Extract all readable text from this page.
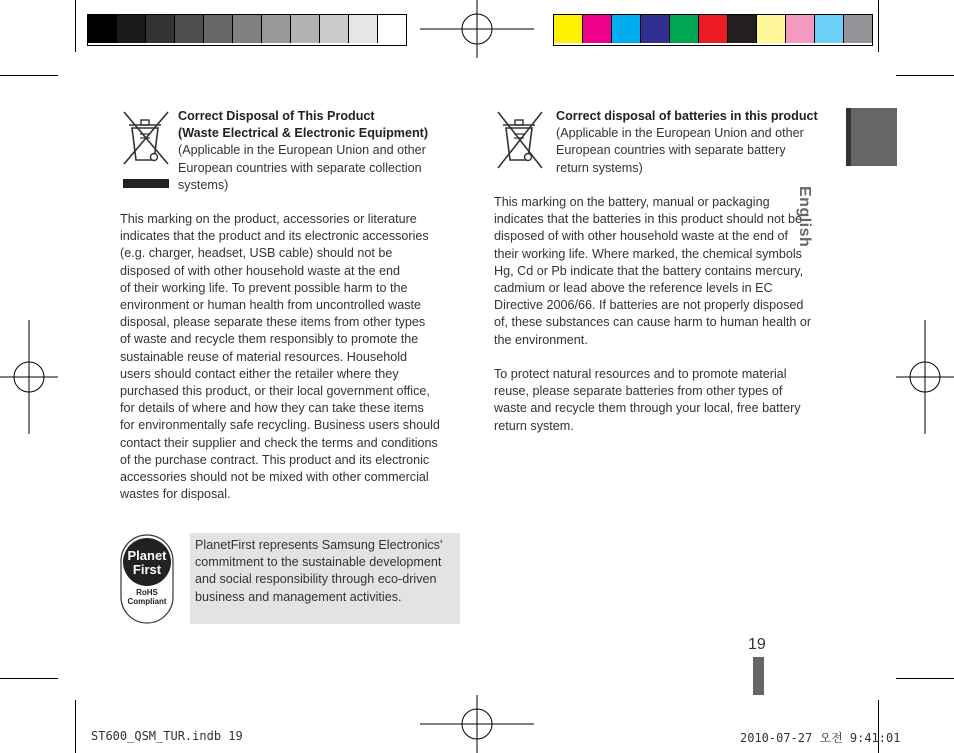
Correct Disposal of This Product
(Waste Electrical & Electronic Equipment)
(Applicable in the European Union and other
European countries with separate collection
systems)
This marking on the product, accessories or literature
indicates that the product and its electronic accessories
(e.g. charger, headset, USB cable) should not be
disposed of with other household waste at the end
of their working life. To prevent possible harm to the
environment or human health from uncontrolled waste
disposal, please separate these items from other types
of waste and recycle them responsibly to promote the
sustainable reuse of material resources. Household
users should contact either the retailer where they
purchased this product, or their local government office,
for details of where and how they can take these items
for environmentally safe recycling. Business users should
contact their supplier and check the terms and conditions
of the purchase contract. This product and its electronic
accessories should not be mixed with other commercial
wastes for disposal.
Planet
First
RoHS
Compliant
PlanetFirst represents Samsung Electronics'
commitment to the sustainable development
and social responsibility through eco-driven
business and management activities.
Correct disposal of batteries in this product
(Applicable in the European Union and other
European countries with separate battery
return systems)
This marking on the battery, manual or packaging
indicates that the batteries in this product should not be
disposed of with other household waste at the end of
their working life. Where marked, the chemical symbols
Hg, Cd or Pb indicate that the battery contains mercury,
cadmium or lead above the reference levels in EC
Directive 2006/66. If batteries are not properly disposed
of, these substances can cause harm to human health or
the environment.
To protect natural resources and to promote material
reuse, please separate batteries from other types of
waste and recycle them through your local, free battery
return system.
English
19
ST600_QSM_TUR.indb 19	2010-07-27 오전 9:41:01
